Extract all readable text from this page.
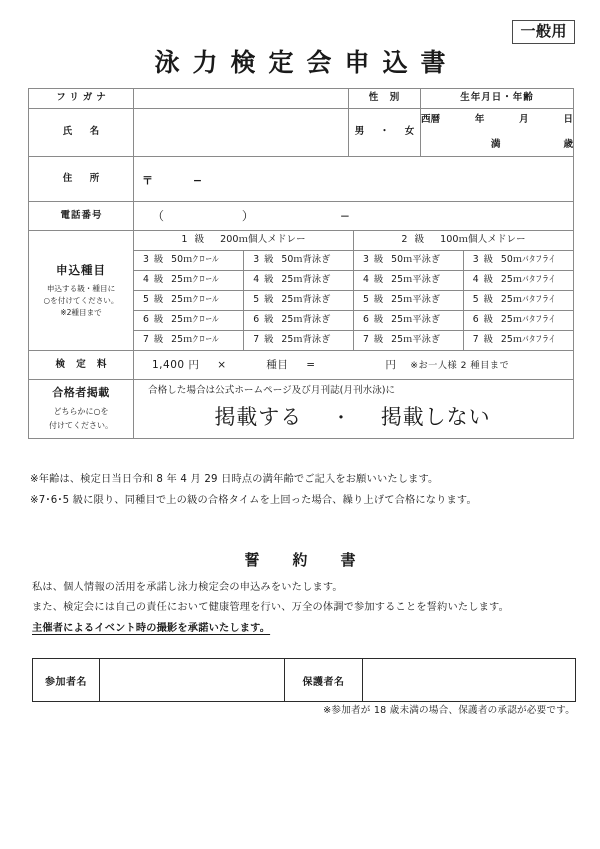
一般用
泳力検定会申込書
フリガナ		性　別	生年月日・年齢
氏　名		男　・　女	
西暦	年	月	日
満	歳

住　所	〒	−

電話番号	（	）	−

申込種目
申込する級・種目に
○を付けてください。
※2種目まで

1 級 200ｍ個人メドレー	2 級 100ｍ個人メドレー
3 級 50ｍクロール	3 級 50ｍ背泳ぎ	3 級 50ｍ平泳ぎ	3 級 50ｍバタフライ
4 級 25ｍクロール	4 級 25ｍ背泳ぎ	4 級 25ｍ平泳ぎ	4 級 25ｍバタフライ
5 級 25ｍクロール	5 級 25ｍ背泳ぎ	5 級 25ｍ平泳ぎ	5 級 25ｍバタフライ
6 級 25ｍクロール	6 級 25ｍ背泳ぎ	6 級 25ｍ平泳ぎ	6 級 25ｍバタフライ
7 級 25ｍクロール	7 級 25ｍ背泳ぎ	7 級 25ｍ平泳ぎ	7 級 25ｍバタフライ

検 定 料	1,400 円 ×	種目 =	円 ※お一人様 2 種目まで

合格者掲載
どちらかに○を
付けてください。

合格した場合は公式ホームページ及び月刊誌(月刊水泳)に
掲載する ・ 掲載しない
※年齢は、検定日当日令和 8 年 4 月 29 日時点の満年齢でご記入をお願いいたします。
※7･6･5 級に限り、同種目で上の級の合格タイムを上回った場合、繰り上げて合格になります。
誓　約　書
私は、個人情報の活用を承諾し泳力検定会の申込みをいたします。
また、検定会には自己の責任において健康管理を行い、万全の体調で参加することを誓約いたします。
主催者によるイベント時の撮影を承諾いたします。
参加者名		保護者名	
※参加者が 18 歳未満の場合、保護者の承認が必要です。
